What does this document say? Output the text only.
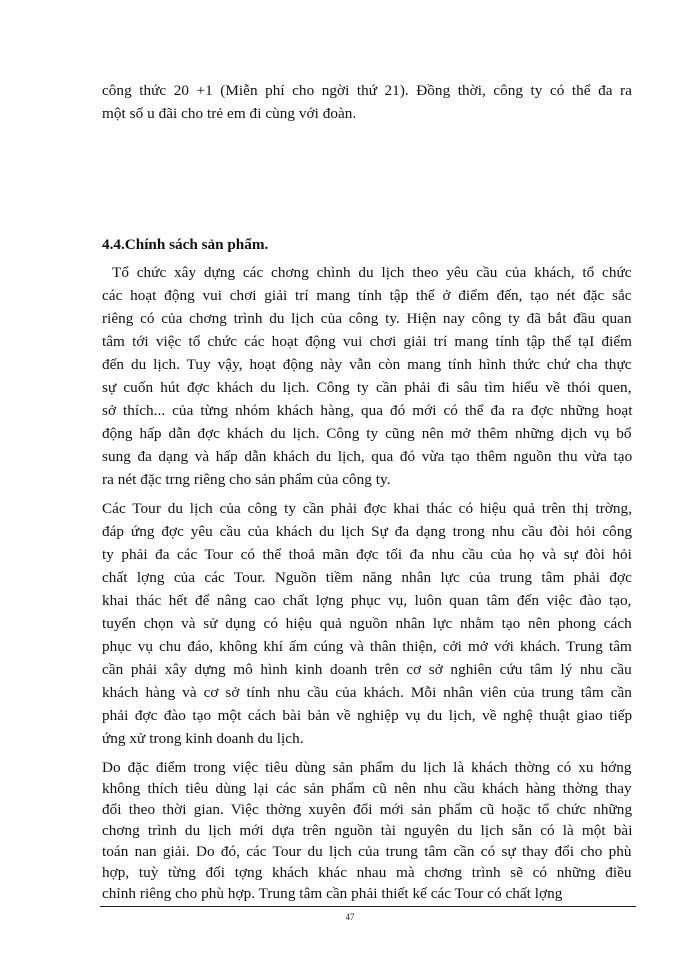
công thức 20 +1 (Miễn phí cho ngời thứ 21). Đồng thời, công ty có thể đa ra
một số u đãi cho trẻ em đi cùng với đoàn.
4.4.Chính sách sản phẩm.
Tổ chức xây dựng các chơng chình du lịch theo yêu cầu của khách, tổ chức
các hoạt động vui chơi giải trí mang tính tập thể ở điểm đến, tạo nét đặc sắc
riêng có của chơng trình du lịch của công ty. Hiện nay công ty đã bắt đầu quan
tâm tới việc tổ chức các hoạt động vui chơi giải trí mang tính tập thể tạI điểm
đến du lịch. Tuy vậy, hoạt động này vẫn còn mang tính hình thức chứ cha thực
sự cuốn hút đợc khách du lịch. Công ty cần phải đi sâu tìm hiểu về thói quen,
sở thích... của từng nhóm khách hàng, qua đó mới có thể đa ra đợc những hoạt
động hấp dẫn đợc khách du lịch. Công ty cũng nên mở thêm những dịch vụ bổ
sung đa dạng và hấp dẫn khách du lịch, qua đó vừa tạo thêm nguồn thu vừa tạo
ra nét đặc trng riêng cho sản phẩm của công ty.
Các Tour du lịch của công ty cần phải đợc khai thác có hiệu quả trên thị trờng,
đáp ứng đợc yêu cầu của khách du lịch Sự đa dạng trong nhu cầu đòi hỏi công
ty phải đa các Tour có thể thoả mãn đợc tối đa nhu cầu của họ và sự đòi hỏi
chất lợng của các Tour. Nguồn tiềm năng nhân lực của trung tâm phải đợc
khai thác hết để nâng cao chất lợng phục vụ, luôn quan tâm đến việc đào tạo,
tuyển chọn và sử dụng có hiệu quả nguồn nhân lực nhằm tạo nên phong cách
phục vụ chu đáo, không khí ấm cúng và thân thiện, cởi mở với khách. Trung tâm
cần phải xây dựng mô hình kinh doanh trên cơ sở nghiên cứu tâm lý nhu cầu
khách hàng và cơ sở tính nhu cầu của khách. Mỗi nhân viên của trung tâm cần
phải đợc đào tạo một cách bài bản về nghiệp vụ du lịch, về nghệ thuật giao tiếp
ứng xử trong kinh doanh du lịch.
Do đặc điểm trong việc tiêu dùng sản phẩm du lịch là khách thờng có xu hớng
không thích tiêu dùng lại các sản phẩm cũ nên nhu cầu khách hàng thờng thay
đổi theo thời gian. Việc thờng xuyên đổi mới sản phẩm cũ hoặc tổ chức những
chơng trình du lịch mới dựa trên nguồn tài nguyên du lịch sẵn có là một bài
toán nan giải. Do đó, các Tour du lịch của trung tâm cần có sự thay đổi cho phù
hợp, tuỳ từng đối tợng khách khác nhau mà chơng trình sẽ có những điều
chỉnh riêng cho phù hợp. Trung tâm cần phải thiết kế các Tour có chất lợng
47
